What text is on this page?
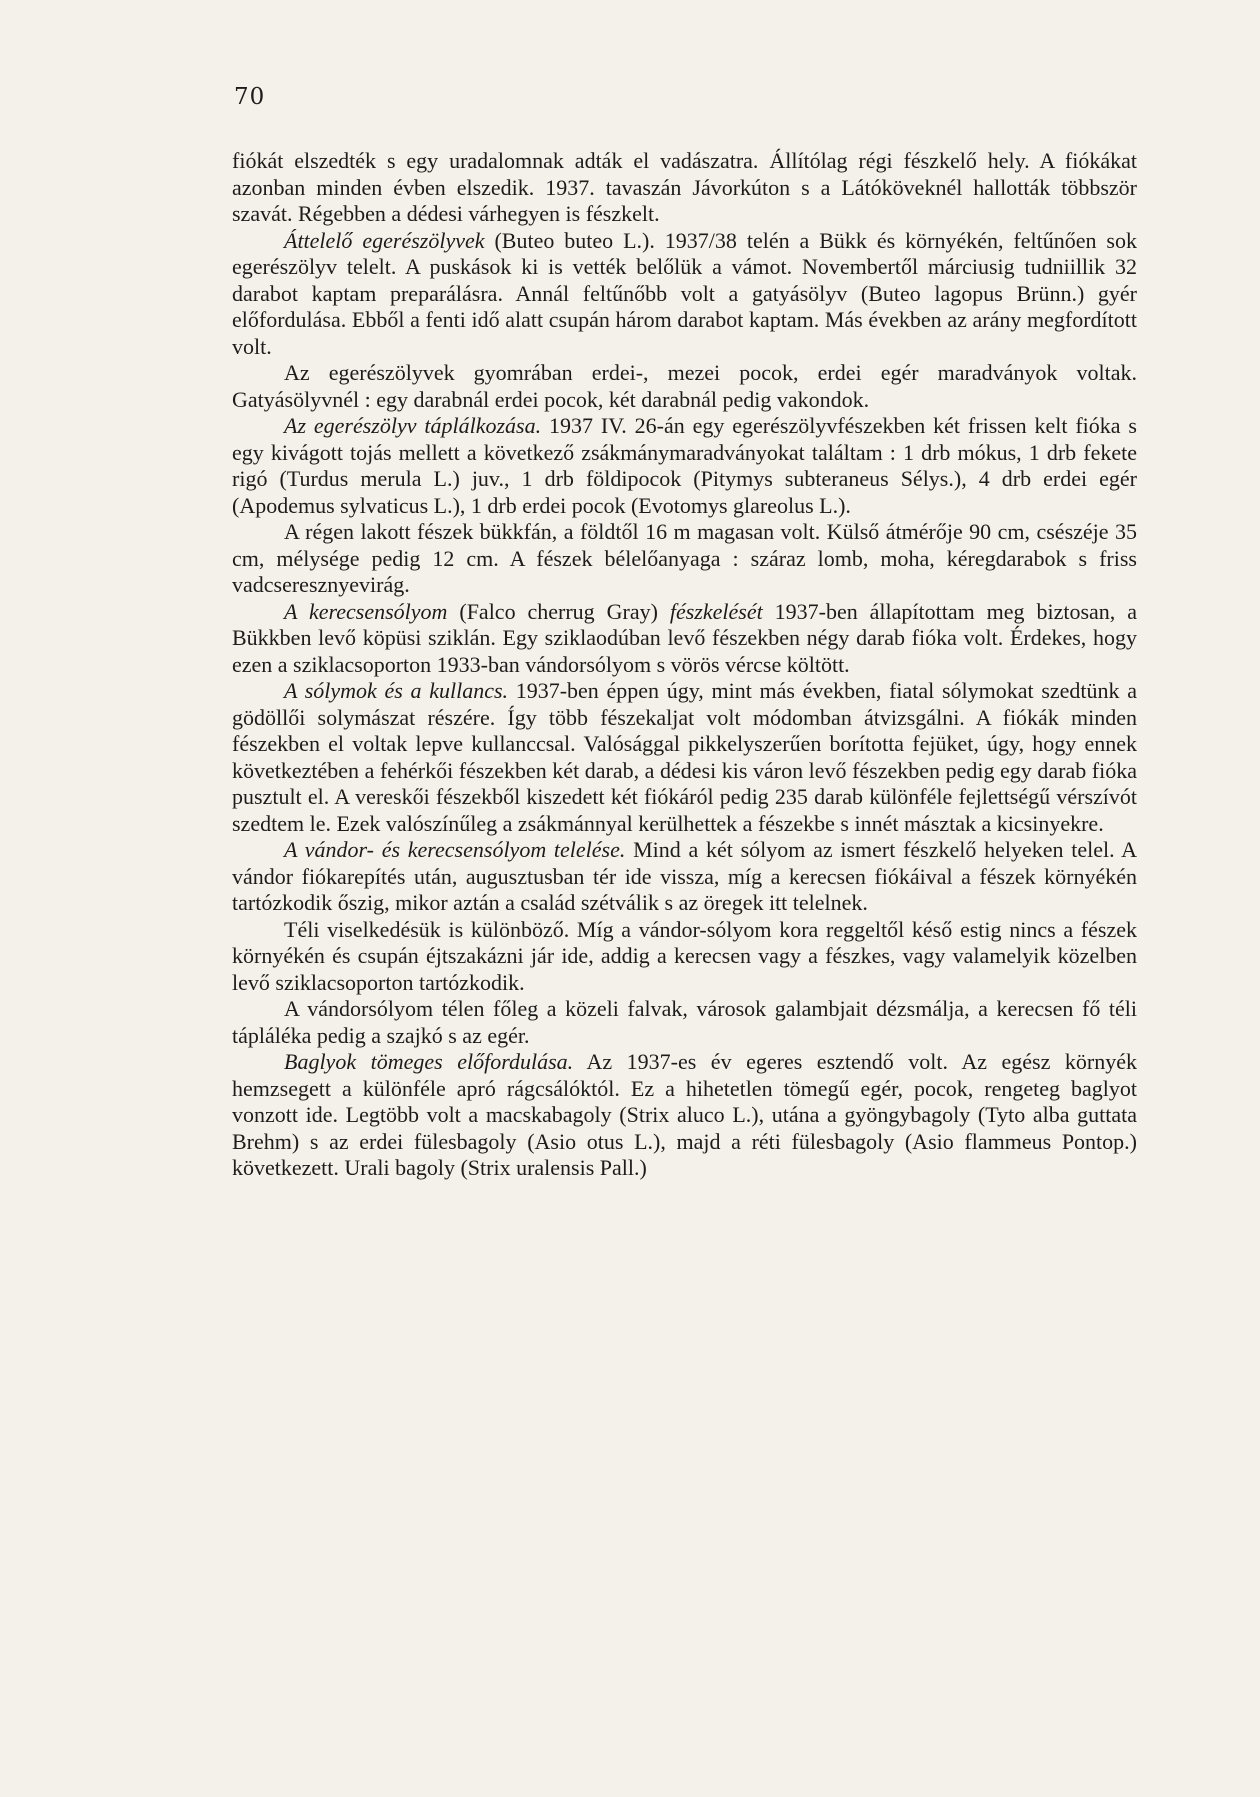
70

fiókát elszedték s egy uradalomnak adták el vadászatra. Állítólag régi fészkelő hely. A fiókákat azonban minden évben elszedik. 1937. tavaszán Jávorkúton s a Látóköveknél hallották többször szavát. Régebben a dédesi várhegyen is fészkelt.

Áttelelő egerészölyvek (Buteo buteo L.). 1937/38 telén a Bükk és környékén, feltűnően sok egerészölyv telelt. A puskások ki is vették belőlük a vámot. Novembertől márciusig tudniillik 32 darabot kaptam preparálásra. Annál feltűnőbb volt a gatyásölyv (Buteo lagopus Brünn.) gyér előfordulása. Ebből a fenti idő alatt csupán három darabot kaptam. Más években az arány megfordított volt.

Az egerészölyvek gyomrában erdei-, mezei pocok, erdei egér maradványok voltak. Gatyásölyvnél : egy darabnál erdei pocok, két darabnál pedig vakondok.

Az egerészölyv táplálkozása. 1937 IV. 26-án egy egerészölyvfészekben két frissen kelt fióka s egy kivágott tojás mellett a következő zsákmánymaradványokat találtam : 1 drb mókus, 1 drb fekete rigó (Turdus merula L.) juv., 1 drb földipocok (Pitymys subteraneus Sélys.), 4 drb erdei egér (Apodemus sylvaticus L.), 1 drb erdei pocok (Evotomys glareolus L.).

A régen lakott fészek bükkfán, a földtől 16 m magasan volt. Külső átmérője 90 cm, csészéje 35 cm, mélysége pedig 12 cm. A fészek bélelőanyaga : száraz lomb, moha, kéregdarabok s friss vadcseresznyevirág.

A kerecsensólyom (Falco cherrug Gray) fészkelését 1937-ben állapítottam meg biztosan, a Bükkben levő köpüsi sziklán. Egy sziklaodúban levő fészekben négy darab fióka volt. Érdekes, hogy ezen a sziklacsoporton 1933-ban vándorsólyom s vörös vércse költött.

A sólymok és a kullancs. 1937-ben éppen úgy, mint más években, fiatal sólymokat szedtünk a gödöllői solymászat részére. Így több fészekaljat volt módomban átvizsgálni. A fiókák minden fészekben el voltak lepve kullanccsal. Valósággal pikkelyszerűen borította fejüket, úgy, hogy ennek következtében a fehérkői fészekben két darab, a dédesi kis váron levő fészekben pedig egy darab fióka pusztult el. A vereskői fészekből kiszedett két fiókáról pedig 235 darab különféle fejlettségű vérszívót szedtem le. Ezek valószínűleg a zsákmánnyal kerülhettek a fészekbe s innét másztak a kicsinyekre.

A vándor- és kerecsensólyom telelése. Mind a két sólyom az ismert fészkelő helyeken telel. A vándor fiókarepítés után, augusztusban tér ide vissza, míg a kerecsen fiókáival a fészek környékén tartózkodik őszig, mikor aztán a család szétválik s az öregek itt telelnek.

Téli viselkedésük is különböző. Míg a vándor-sólyom kora reggeltől késő estig nincs a fészek környékén és csupán éjtszakázni jár ide, addig a kerecsen vagy a fészkes, vagy valamelyik közelben levő sziklacsoporton tartózkodik.

A vándorsólyom télen főleg a közeli falvak, városok galambjait dézsmálja, a kerecsen fő téli tápláléka pedig a szajkó s az egér.

Baglyok tömeges előfordulása. Az 1937-es év egeres esztendő volt. Az egész környék hemzsegett a különféle apró rágcsálóktól. Ez a hihetetlen tömegű egér, pocok, rengeteg baglyot vonzott ide. Legtöbb volt a macskabagoly (Strix aluco L.), utána a gyöngybagoly (Tyto alba guttata Brehm) s az erdei fülesbagoly (Asio otus L.), majd a réti fülesbagoly (Asio flammeus Pontop.) következett. Urali bagoly (Strix uralensis Pall.)
